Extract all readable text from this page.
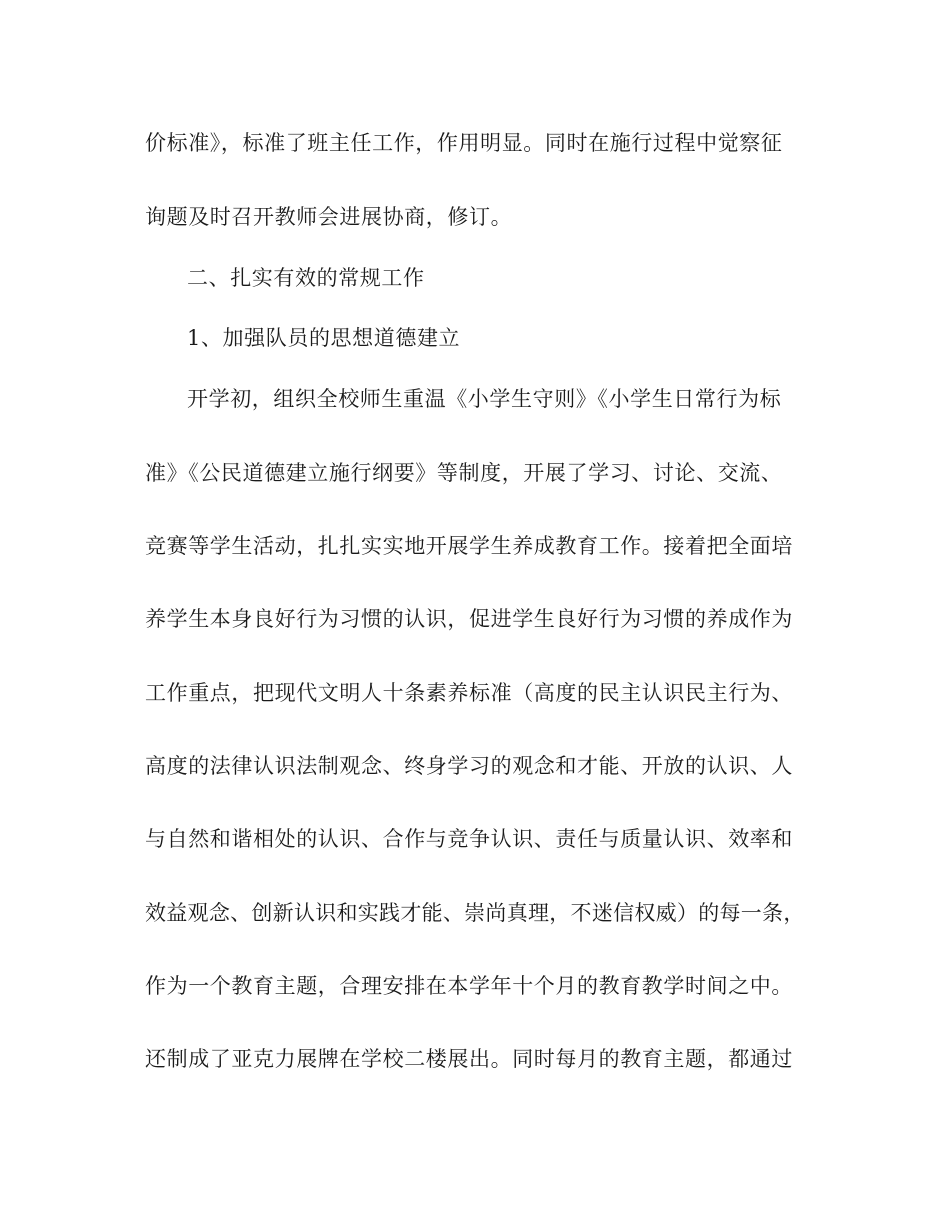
价标准》，标准了班主任工作，作用明显。同时在施行过程中觉察征
询题及时召开教师会进展协商，修订。
二、扎实有效的常规工作
1、加强队员的思想道德建立
开学初，组织全校师生重温《小学生守则》《小学生日常行为标
准》《公民道德建立施行纲要》等制度，开展了学习、讨论、交流、
竞赛等学生活动，扎扎实实地开展学生养成教育工作。接着把全面培
养学生本身良好行为习惯的认识，促进学生良好行为习惯的养成作为
工作重点，把现代文明人十条素养标准（高度的民主认识民主行为、
高度的法律认识法制观念、终身学习的观念和才能、开放的认识、人
与自然和谐相处的认识、合作与竞争认识、责任与质量认识、效率和
效益观念、创新认识和实践才能、崇尚真理，不迷信权威）的每一条，
作为一个教育主题，合理安排在本学年十个月的教育教学时间之中。
还制成了亚克力展牌在学校二楼展出。同时每月的教育主题，都通过
